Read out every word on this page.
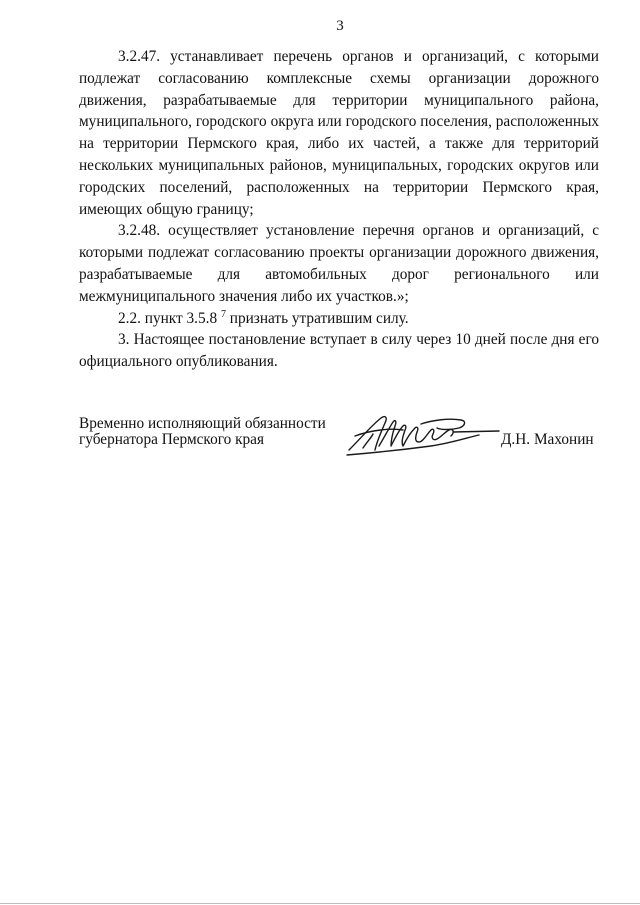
3

3.2.47. устанавливает перечень органов и организаций, с которыми подлежат согласованию комплексные схемы организации дорожного движения, разрабатываемые для территории муниципального района, муниципального, городского округа или городского поселения, расположенных на территории Пермского края, либо их частей, а также для территорий нескольких муниципальных районов, муниципальных, городских округов или городских поселений, расположенных на территории Пермского края, имеющих общую границу;

3.2.48. осуществляет установление перечня органов и организаций, с которыми подлежат согласованию проекты организации дорожного движения, разрабатываемые для автомобильных дорог регионального или межмуниципального значения либо их участков.»;

2.2. пункт 3.5.8 $^7$ признать утратившим силу.

3. Настоящее постановление вступает в силу через 10 дней после дня его официального опубликования.

Временно исполняющий обязанности
губернатора Пермского края	Д.Н. Махонин
